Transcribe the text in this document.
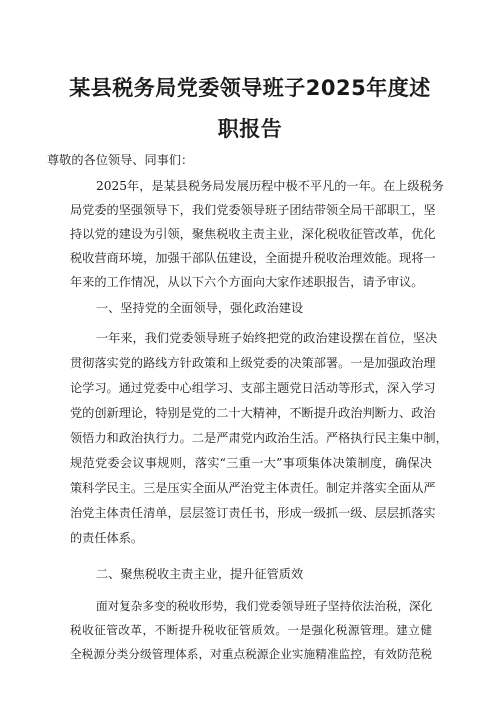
某县税务局党委领导班子2025年度述
职报告
尊敬的各位领导、同事们：
2025年，是某县税务局发展历程中极不平凡的一年。在上级税务
局党委的坚强领导下，我们党委领导班子团结带领全局干部职工，坚
持以党的建设为引领，聚焦税收主责主业，深化税收征管改革，优化
税收营商环境，加强干部队伍建设，全面提升税收治理效能。现将一
年来的工作情况，从以下六个方面向大家作述职报告，请予审议。
一、坚持党的全面领导，强化政治建设
一年来，我们党委领导班子始终把党的政治建设摆在首位，坚决
贯彻落实党的路线方针政策和上级党委的决策部署。一是加强政治理
论学习。通过党委中心组学习、支部主题党日活动等形式，深入学习
党的创新理论，特别是党的二十大精神，不断提升政治判断力、政治
领悟力和政治执行力。二是严肃党内政治生活。严格执行民主集中制，
规范党委会议事规则，落实“三重一大”事项集体决策制度，确保决
策科学民主。三是压实全面从严治党主体责任。制定并落实全面从严
治党主体责任清单，层层签订责任书，形成一级抓一级、层层抓落实
的责任体系。
二、聚焦税收主责主业，提升征管质效
面对复杂多变的税收形势，我们党委领导班子坚持依法治税，深化
税收征管改革，不断提升税收征管质效。一是强化税源管理。建立健
全税源分类分级管理体系，对重点税源企业实施精准监控，有效防范税
